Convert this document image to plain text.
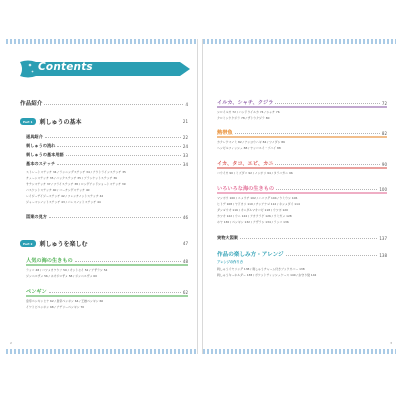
Contents
作品紹介	4
Part 1	刺しゅうの基本	21
道具紹介	22
刺しゅうの流れ	24
刺しゅうの基本用語	33
基本のステッチ	34
ストレートステッチ 34 / ランニングステッチ 34 / アウトラインステッチ 35
チェーンステッチ 35 / バックステッチ 35 / ブランケットステッチ 36
サテンステッチ 37 / フライステッチ 38 / ロングアンドショートステッチ 39
バスケットステッチ 40 / コーチングステッチ 40
レイジーデイジーステッチ 42 / フレンチノットステッチ 42
ジャーマンノットステッチ 43 / パレスノットステッチ 44
図案の見方	46
Part 2	刺しゅうを楽しむ	47
人気の海の生きもの	48
ラッコ 48 / コツメカワウソ 50 / オットセイ 52 / アザラシ 54
ジンベエザメ 56 / ホオジロザメ 58 / ジンベエザメ 60
ペンギン	62
皇帝ペンギンヒナ 62 / 皇帝ペンギン 64 / 王様ペンギン 66
イワトビペンギン 68 / アデリーペンギン 70
2
イルカ、シャチ、クジラ	72
シロイルカ 72 / バンドウイルカ 74 / シャチ 76
クロミンククジラ 78 / ザトウクジラ 80
熱帯魚	82
カクレクマノミ 82 / ナンヨウハギ 84 / ツノダシ 86
ヘンゼルフィッシュ 88 / ヤッコエイ・ゾバイ 88
イカ、タコ、エビ、カニ	90
コウイカ 90 / ミズダコ 92 / ノンボリ 94 / タラバガニ 96
いろいろな海の生きもの	100
マンボウ 100 / ユメウチ 102 / ハコフグ 104 / ウミウシ 106
ヒトデ 108 / ヤドカリ 110 / チンアナゴ 112 / キンメダイ 114
ダンゴウオ 116 / オニダルマオコゼ 118 / ウツボ 120
カツオ 122 / ウニ 124 / アカクラゲ 126 / ウミガメ 128
ホヤ 130 / ペンギン 132 / アザラシ 134 / ラッコ 136
実物大図案	137
作品の楽しみ方・アレンジ	138
アレンジの作り方
刺しゅうイヤリング 138 / 刺しゅうチャーム付きブックカバー 138
刺しゅうキーホルダー 138 / ポケットティッシュケース 140 / お守り袋 142
3
